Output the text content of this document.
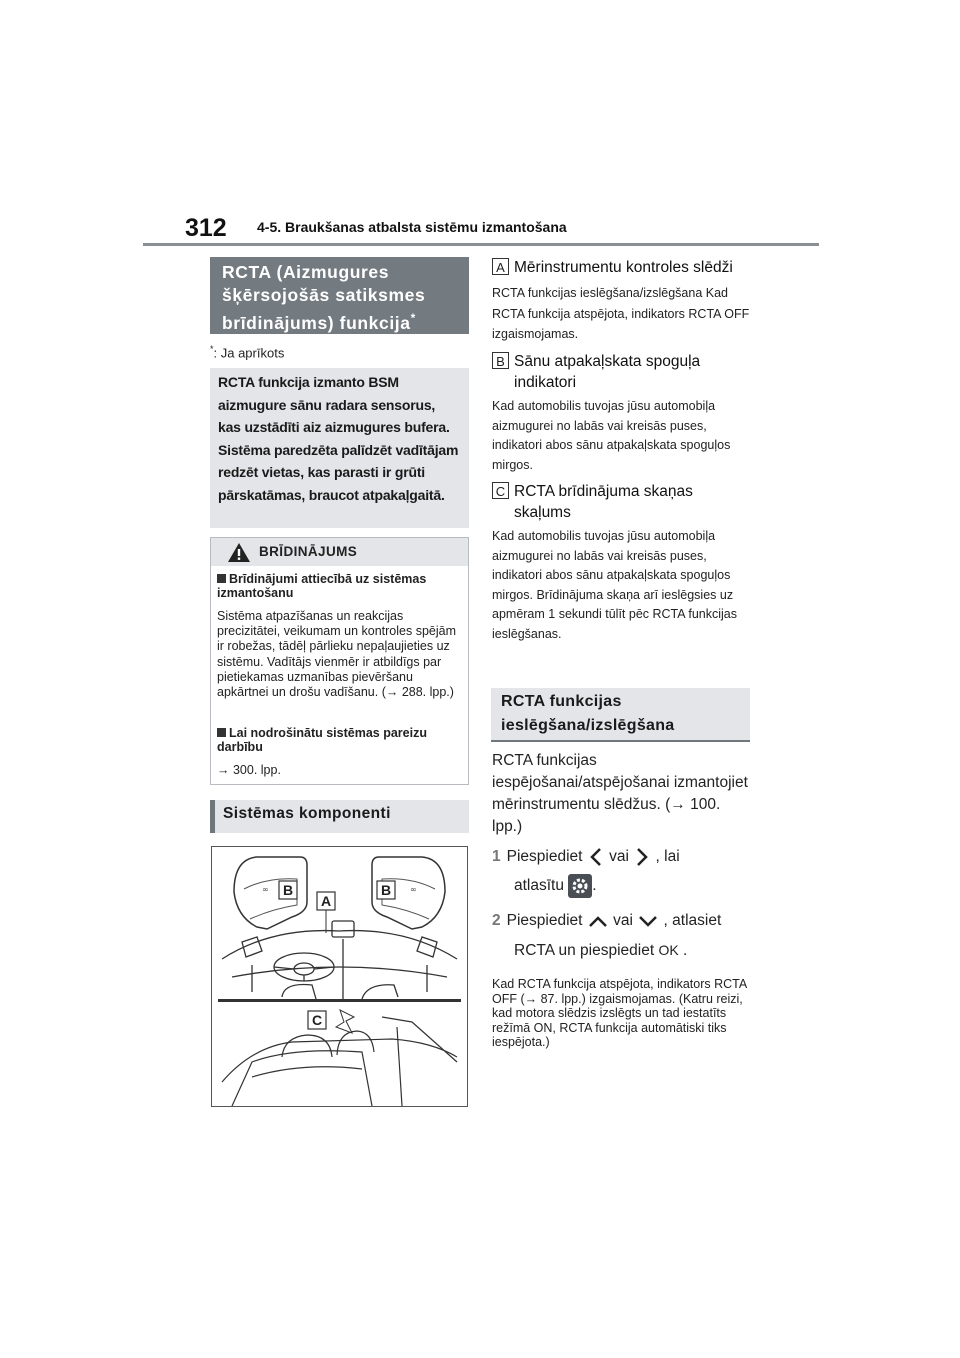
312 4-5. Braukšanas atbalsta sistēmu izmantošana
RCTA (Aizmugures
šķērsojošās satiksmes
brīdinājums) funkcija*
*: Ja aprīkots
RCTA funkcija izmanto BSM aizmugure sānu radara sensorus, kas uzstādīti aiz aizmugures bufera. Sistēma paredzēta palīdzēt vadītājam redzēt vietas, kas parasti ir grūti pārskatāmas, braucot atpakaļgaitā.
BRĪDINĀJUMS
Brīdinājumi attiecībā uz sistēmas izmantošanu
Sistēma atpazīšanas un reakcijas precizitātei, veikumam un kontroles spējām ir robežas, tādēļ pārlieku nepaļaujieties uz sistēmu. Vadītājs vienmēr ir atbildīgs par pietiekamas uzmanības pievēršanu apkārtnei un drošu vadīšanu. (→ 288. lpp.)
Lai nodrošinātu sistēmas pareizu darbību
→ 300. lpp.
Sistēmas komponenti
∞	∞
B
A
B
C
A Mērinstrumentu kontroles slēdži
RCTA funkcijas ieslēgšana/izslēgšana Kad RCTA funkcija atspējota, indikators RCTA OFF izgaismojamas.
B Sānu atpakaļskata spoguļa indikatori
Kad automobilis tuvojas jūsu automobiļa aizmugurei no labās vai kreisās puses, indikatori abos sānu atpakaļskata spoguļos mirgos.
C RCTA brīdinājuma skaņas skaļums
Kad automobilis tuvojas jūsu automobiļa aizmugurei no labās vai kreisās puses, indikatori abos sānu atpakaļskata spoguļos mirgos. Brīdinājuma skaņa arī ieslēgsies uz apmēram 1 sekundi tūlīt pēc RCTA funkcijas ieslēgšanas.
RCTA funkcijas
ieslēgšana/izslēgšana
RCTA funkcijas iespējošanai/atspējošanai izmantojiet mērinstrumentu slēdžus. (→ 100. lpp.)
1 Piespiediet vai , lai
atlasītu .
2 Piespiediet vai , atlasiet
RCTA un piespiediet OK .
Kad RCTA funkcija atspējota, indikators RCTA OFF (→ 87. lpp.) izgaismojamas. (Katru reizi, kad motora slēdzis izslēgts un tad iestatīts režīmā ON, RCTA funkcija automātiski tiks iespējota.)
